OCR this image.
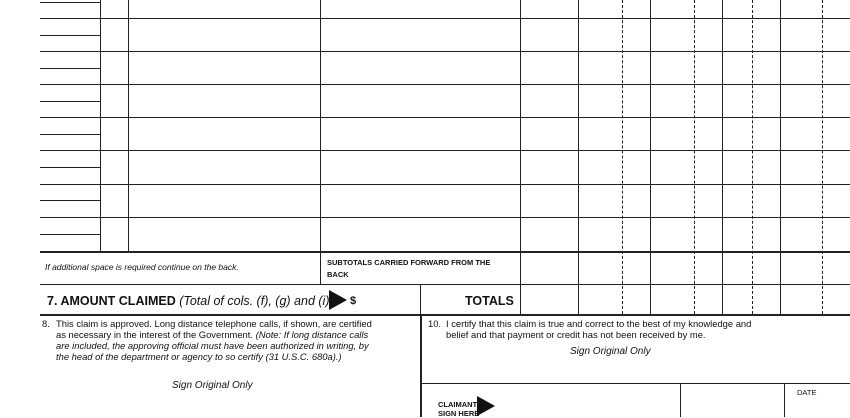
If additional space is required continue on the back.	SUBTOTALS CARRIED FORWARD FROM THE
BACK
7. AMOUNT CLAIMED (Total of cols. (f), (g) and (i).) $	TOTALS
8. This claim is approved. Long distance telephone calls, if shown, are certified
as necessary in the interest of the Government. (Note: If long distance calls
are included, the approving official must have been authorized in writing, by
the head of the department or agency to so certify (31 U.S.C. 680a).)
Sign Original Only
10. I certify that this claim is true and correct to the best of my knowledge and
belief and that payment or credit has not been received by me.
Sign Original Only
CLAIMANT
SIGN HERE
DATE
